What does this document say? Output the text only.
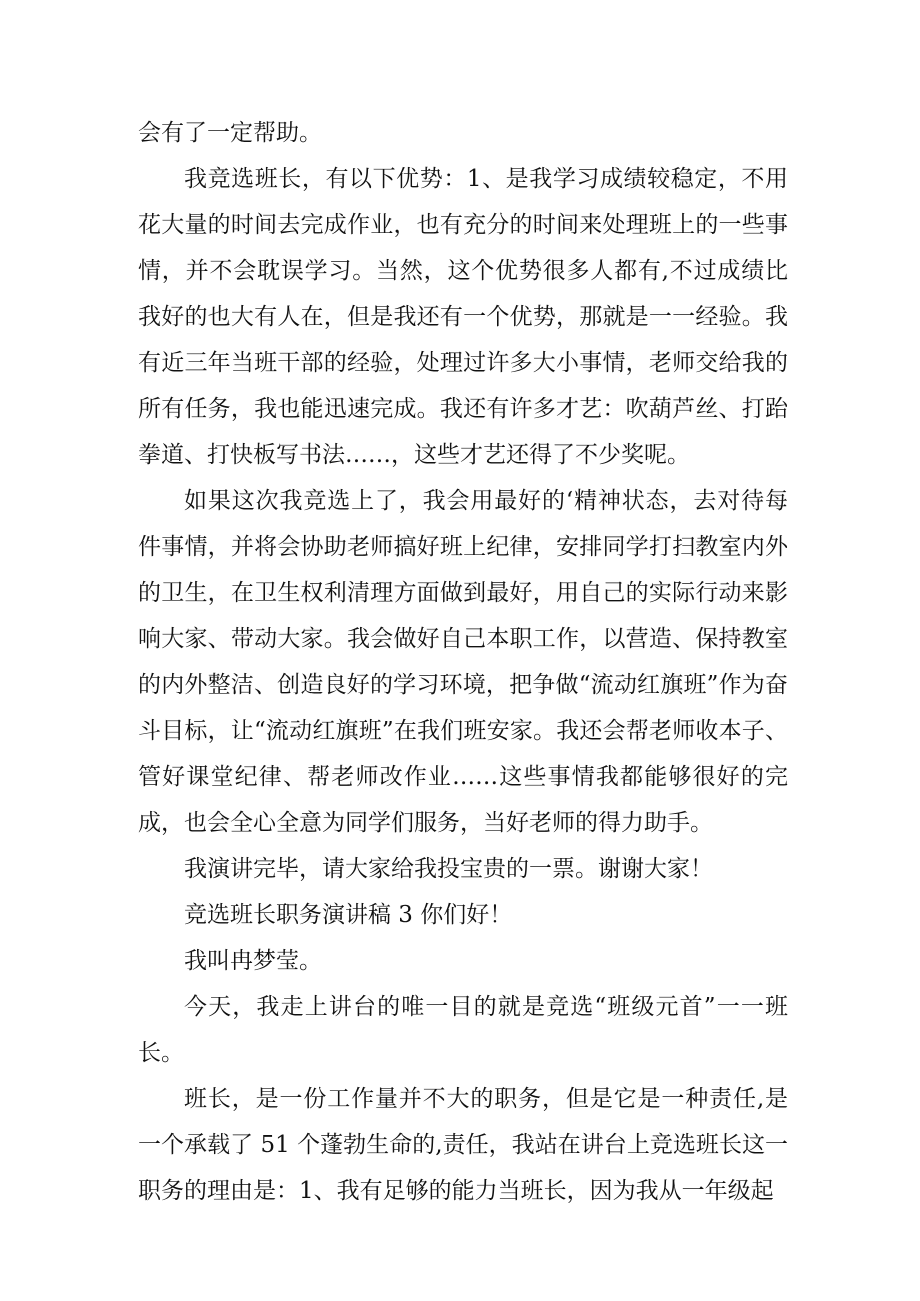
会有了一定帮助。

我竞选班长，有以下优势：1、是我学习成绩较稳定，不用花大量的时间去完成作业，也有充分的时间来处理班上的一些事情，并不会耽误学习。当然，这个优势很多人都有,不过成绩比我好的也大有人在，但是我还有一个优势，那就是一一经验。我有近三年当班干部的经验，处理过许多大小事情，老师交给我的所有任务，我也能迅速完成。我还有许多才艺：吹葫芦丝、打跆拳道、打快板写书法……，这些才艺还得了不少奖呢。

如果这次我竞选上了，我会用最好的‘精神状态，去对待每件事情，并将会协助老师搞好班上纪律，安排同学打扫教室内外的卫生，在卫生权利清理方面做到最好，用自己的实际行动来影响大家、带动大家。我会做好自己本职工作，以营造、保持教室的内外整洁、创造良好的学习环境，把争做“流动红旗班”作为奋斗目标，让“流动红旗班”在我们班安家。我还会帮老师收本子、管好课堂纪律、帮老师改作业……这些事情我都能够很好的完成，也会全心全意为同学们服务，当好老师的得力助手。

我演讲完毕，请大家给我投宝贵的一票。谢谢大家！

竞选班长职务演讲稿 3 你们好！

我叫冉梦莹。

今天，我走上讲台的唯一目的就是竞选“班级元首”一一班长。

班长，是一份工作量并不大的职务，但是它是一种责任,是一个承载了 51 个蓬勃生命的,责任，我站在讲台上竞选班长这一职务的理由是：1、我有足够的能力当班长，因为我从一年级起
